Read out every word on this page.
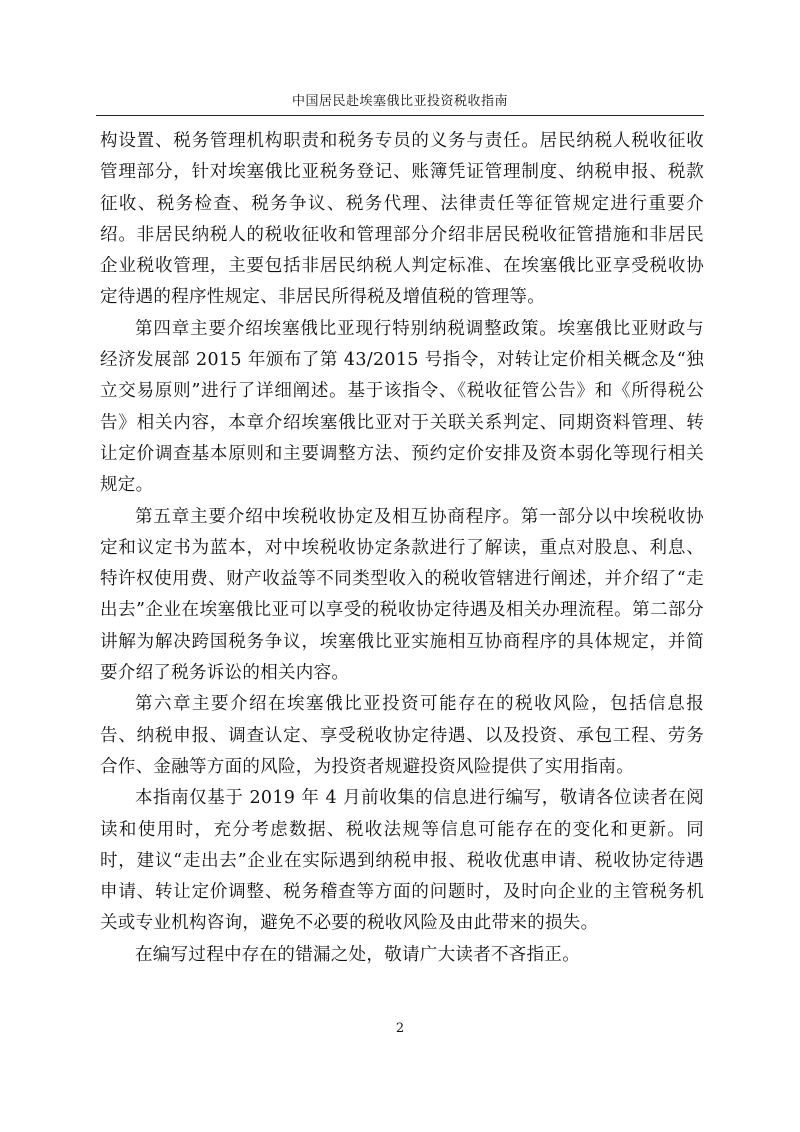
中国居民赴埃塞俄比亚投资税收指南

构设置、税务管理机构职责和税务专员的义务与责任。居民纳税人税收征收管理部分，针对埃塞俄比亚税务登记、账簿凭证管理制度、纳税申报、税款征收、税务检查、税务争议、税务代理、法律责任等征管规定进行重要介绍。非居民纳税人的税收征收和管理部分介绍非居民税收征管措施和非居民企业税收管理，主要包括非居民纳税人判定标准、在埃塞俄比亚享受税收协定待遇的程序性规定、非居民所得税及增值税的管理等。

第四章主要介绍埃塞俄比亚现行特别纳税调整政策。埃塞俄比亚财政与经济发展部 2015 年颁布了第 43/2015 号指令，对转让定价相关概念及“独立交易原则”进行了详细阐述。基于该指令、《税收征管公告》和《所得税公告》相关内容，本章介绍埃塞俄比亚对于关联关系判定、同期资料管理、转让定价调查基本原则和主要调整方法、预约定价安排及资本弱化等现行相关规定。

第五章主要介绍中埃税收协定及相互协商程序。第一部分以中埃税收协定和议定书为蓝本，对中埃税收协定条款进行了解读，重点对股息、利息、特许权使用费、财产收益等不同类型收入的税收管辖进行阐述，并介绍了“走出去”企业在埃塞俄比亚可以享受的税收协定待遇及相关办理流程。第二部分讲解为解决跨国税务争议，埃塞俄比亚实施相互协商程序的具体规定，并简要介绍了税务诉讼的相关内容。

第六章主要介绍在埃塞俄比亚投资可能存在的税收风险，包括信息报告、纳税申报、调查认定、享受税收协定待遇、以及投资、承包工程、劳务合作、金融等方面的风险，为投资者规避投资风险提供了实用指南。

本指南仅基于 2019 年 4 月前收集的信息进行编写，敬请各位读者在阅读和使用时，充分考虑数据、税收法规等信息可能存在的变化和更新。同时，建议“走出去”企业在实际遇到纳税申报、税收优惠申请、税收协定待遇申请、转让定价调整、税务稽查等方面的问题时，及时向企业的主管税务机关或专业机构咨询，避免不必要的税收风险及由此带来的损失。

在编写过程中存在的错漏之处，敬请广大读者不吝指正。

2
